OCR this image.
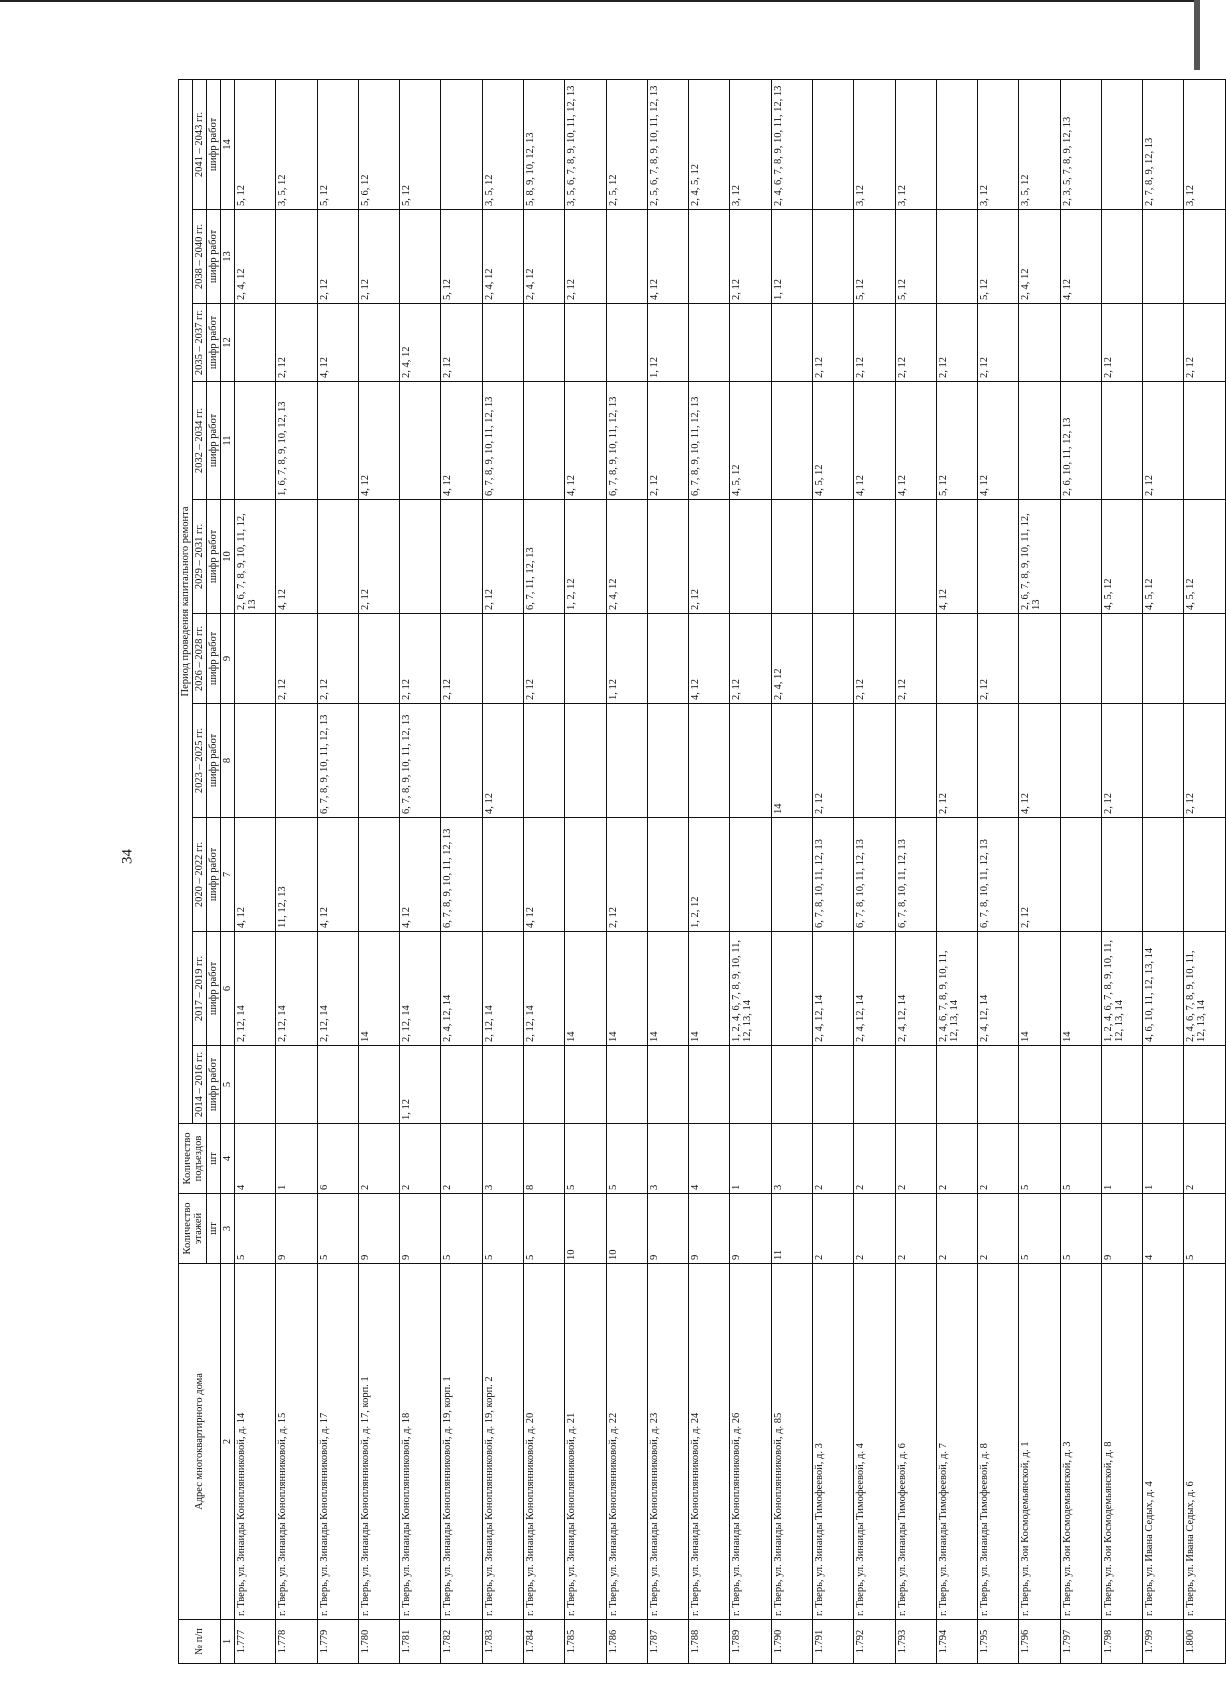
34
№ п/п	Адрес многоквартирного дома	Количество этажей	Количество подъездов	Период проведения капитального ремонта									
				2014 – 2016 гг.	2017 – 2019 гг.	2020 – 2022 гг.	2023 – 2025 гг.	2026 – 2028 гг.	2029 – 2031 гг.	2032 – 2034 гг.	2035 – 2037 гг.	2038 – 2040 гг.	2041 – 2043 гг.
		шт	шт	шифр работ	шифр работ	шифр работ	шифр работ	шифр работ	шифр работ	шифр работ	шифр работ	шифр работ	шифр работ
1	2	3	4	5	6	7	8	9	10	11	12	13	14
1.777	г. Тверь, ул. Зинаиды Коноплянниковой, д. 14	5	4		2, 12, 14	4, 12			2, 6, 7, 8, 9, 10, 11, 12, 13			2, 4, 12	5, 12
1.778	г. Тверь, ул. Зинаиды Коноплянниковой, д. 15	9	1		2, 12, 14	11, 12, 13		2, 12	4, 12	1, 6, 7, 8, 9, 10, 12, 13	2, 12		3, 5, 12
1.779	г. Тверь, ул. Зинаиды Коноплянниковой, д. 17	5	6		2, 12, 14	4, 12	6, 7, 8, 9, 10, 11, 12, 13	2, 12			4, 12	2, 12	5, 12
1.780	г. Тверь, ул. Зинаиды Коноплянниковой, д. 17, корп. 1	9	2		14				2, 12	4, 12		2, 12	5, 6, 12
1.781	г. Тверь, ул. Зинаиды Коноплянниковой, д. 18	9	2	1, 12	2, 12, 14	4, 12	6, 7, 8, 9, 10, 11, 12, 13	2, 12			2, 4, 12		5, 12
1.782	г. Тверь, ул. Зинаиды Коноплянниковой, д. 19, корп. 1	5	2		2, 4, 12, 14	6, 7, 8, 9, 10, 11, 12, 13		2, 12		4, 12	2, 12	5, 12	
1.783	г. Тверь, ул. Зинаиды Коноплянниковой, д. 19, корп. 2	5	3		2, 12, 14		4, 12		2, 12	6, 7, 8, 9, 10, 11, 12, 13		2, 4, 12	3, 5, 12
1.784	г. Тверь, ул. Зинаиды Коноплянниковой, д. 20	5	8		2, 12, 14	4, 12		2, 12	6, 7, 11, 12, 13			2, 4, 12	5, 8, 9, 10, 12, 13
1.785	г. Тверь, ул. Зинаиды Коноплянниковой, д. 21	10	5		14				1, 2, 12	4, 12		2, 12	3, 5, 6, 7, 8, 9, 10, 11, 12, 13
1.786	г. Тверь, ул. Зинаиды Коноплянниковой, д. 22	10	5		14	2, 12		1, 12	2, 4, 12	6, 7, 8, 9, 10, 11, 12, 13			2, 5, 12
1.787	г. Тверь, ул. Зинаиды Коноплянниковой, д. 23	9	3		14					2, 12	1, 12	4, 12	2, 5, 6, 7, 8, 9, 10, 11, 12, 13
1.788	г. Тверь, ул. Зинаиды Коноплянниковой, д. 24	9	4		14	1, 2, 12		4, 12	2, 12	6, 7, 8, 9, 10, 11, 12, 13			2, 4, 5, 12
1.789	г. Тверь, ул. Зинаиды Коноплянниковой, д. 26	9	1		1, 2, 4, 6, 7, 8, 9, 10, 11, 12, 13, 14			2, 12		4, 5, 12		2, 12	3, 12
1.790	г. Тверь, ул. Зинаиды Коноплянниковой, д. 85	11	3				14	2, 4, 12				1, 12	2, 4, 6, 7, 8, 9, 10, 11, 12, 13
1.791	г. Тверь, ул. Зинаиды Тимофеевой, д. 3	2	2		2, 4, 12, 14	6, 7, 8, 10, 11, 12, 13	2, 12			4, 5, 12	2, 12		
1.792	г. Тверь, ул. Зинаиды Тимофеевой, д. 4	2	2		2, 4, 12, 14	6, 7, 8, 10, 11, 12, 13		2, 12		4, 12	2, 12	5, 12	3, 12
1.793	г. Тверь, ул. Зинаиды Тимофеевой, д. 6	2	2		2, 4, 12, 14	6, 7, 8, 10, 11, 12, 13		2, 12		4, 12	2, 12	5, 12	3, 12
1.794	г. Тверь, ул. Зинаиды Тимофеевой, д. 7	2	2		2, 4, 6, 7, 8, 9, 10, 11, 12, 13, 14		2, 12		4, 12	5, 12	2, 12		
1.795	г. Тверь, ул. Зинаиды Тимофеевой, д. 8	2	2		2, 4, 12, 14	6, 7, 8, 10, 11, 12, 13		2, 12		4, 12	2, 12	5, 12	3, 12
1.796	г. Тверь, ул. Зои Космодемьянской, д. 1	5	5		14	2, 12	4, 12		2, 6, 7, 8, 9, 10, 11, 12, 13			2, 4, 12	3, 5, 12
1.797	г. Тверь, ул. Зои Космодемьянской, д. 3	5	5		14					2, 6, 10, 11, 12, 13		4, 12	2, 3, 5, 7, 8, 9, 12, 13
1.798	г. Тверь, ул. Зои Космодемьянской, д. 8	9	1		1, 2, 4, 6, 7, 8, 9, 10, 11, 12, 13, 14		2, 12		4, 5, 12		2, 12		
1.799	г. Тверь, ул. Ивана Седых, д. 4	4	1		4, 6, 10, 11, 12, 13, 14				4, 5, 12	2, 12			2, 7, 8, 9, 12, 13
1.800	г. Тверь, ул. Ивана Седых, д. 6	5	2		2, 4, 6, 7, 8, 9, 10, 11, 12, 13, 14		2, 12		4, 5, 12		2, 12		3, 12
